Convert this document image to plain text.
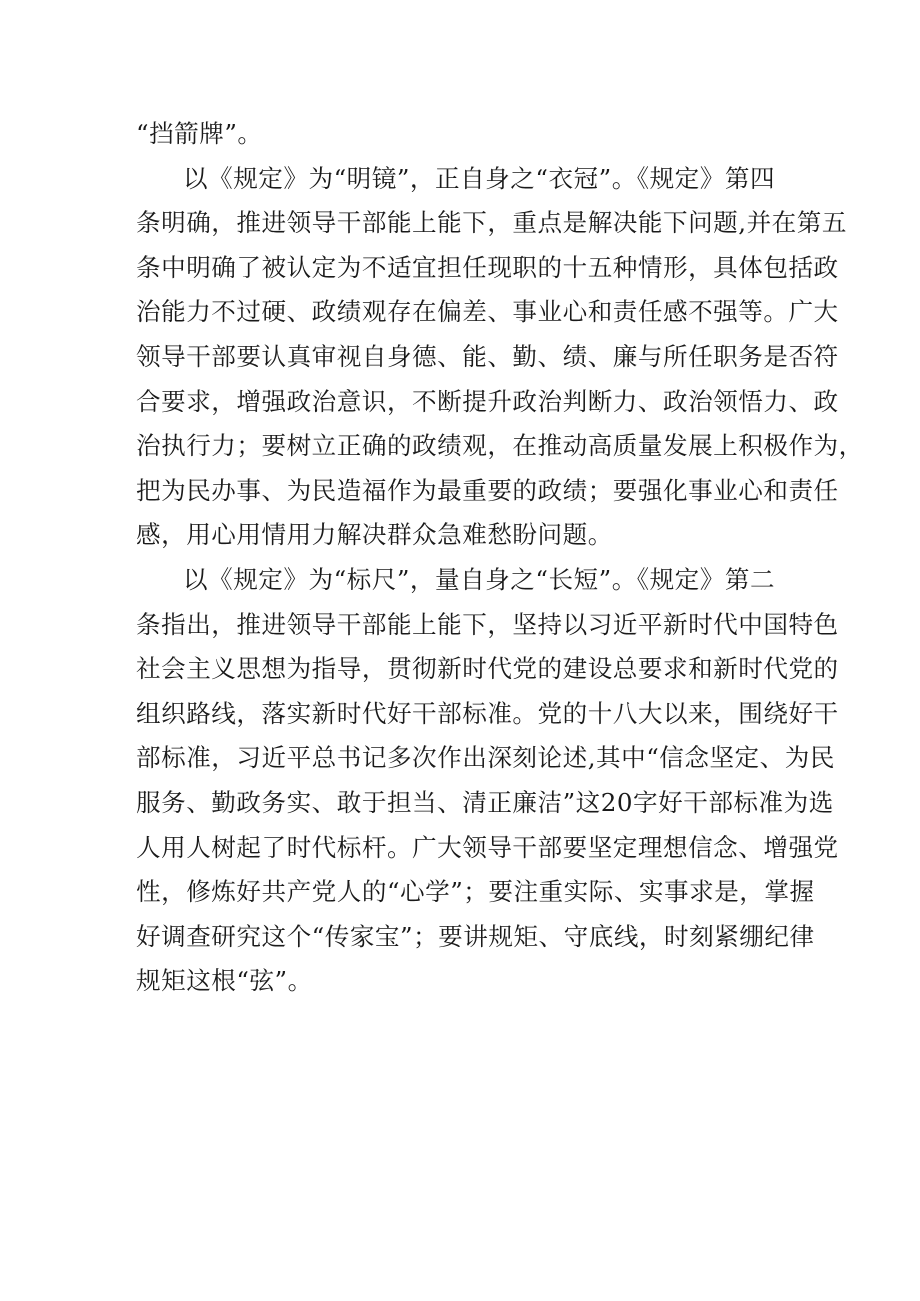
“挡箭牌”。
以《规定》为“明镜”，正自身之“衣冠”。《规定》第四
条明确，推进领导干部能上能下，重点是解决能下问题,并在第五
条中明确了被认定为不适宜担任现职的十五种情形，具体包括政
治能力不过硬、政绩观存在偏差、事业心和责任感不强等。广大
领导干部要认真审视自身德、能、勤、绩、廉与所任职务是否符
合要求，增强政治意识，不断提升政治判断力、政治领悟力、政
治执行力；要树立正确的政绩观，在推动高质量发展上积极作为，
把为民办事、为民造福作为最重要的政绩；要强化事业心和责任
感，用心用情用力解决群众急难愁盼问题。
以《规定》为“标尺”，量自身之“长短”。《规定》第二
条指出，推进领导干部能上能下，坚持以习近平新时代中国特色
社会主义思想为指导，贯彻新时代党的建设总要求和新时代党的
组织路线，落实新时代好干部标准。党的十八大以来，围绕好干
部标准，习近平总书记多次作出深刻论述,其中“信念坚定、为民
服务、勤政务实、敢于担当、清正廉洁”这20字好干部标准为选
人用人树起了时代标杆。广大领导干部要坚定理想信念、增强党
性，修炼好共产党人的“心学”；要注重实际、实事求是，掌握
好调查研究这个“传家宝”；要讲规矩、守底线，时刻紧绷纪律
规矩这根“弦”。
